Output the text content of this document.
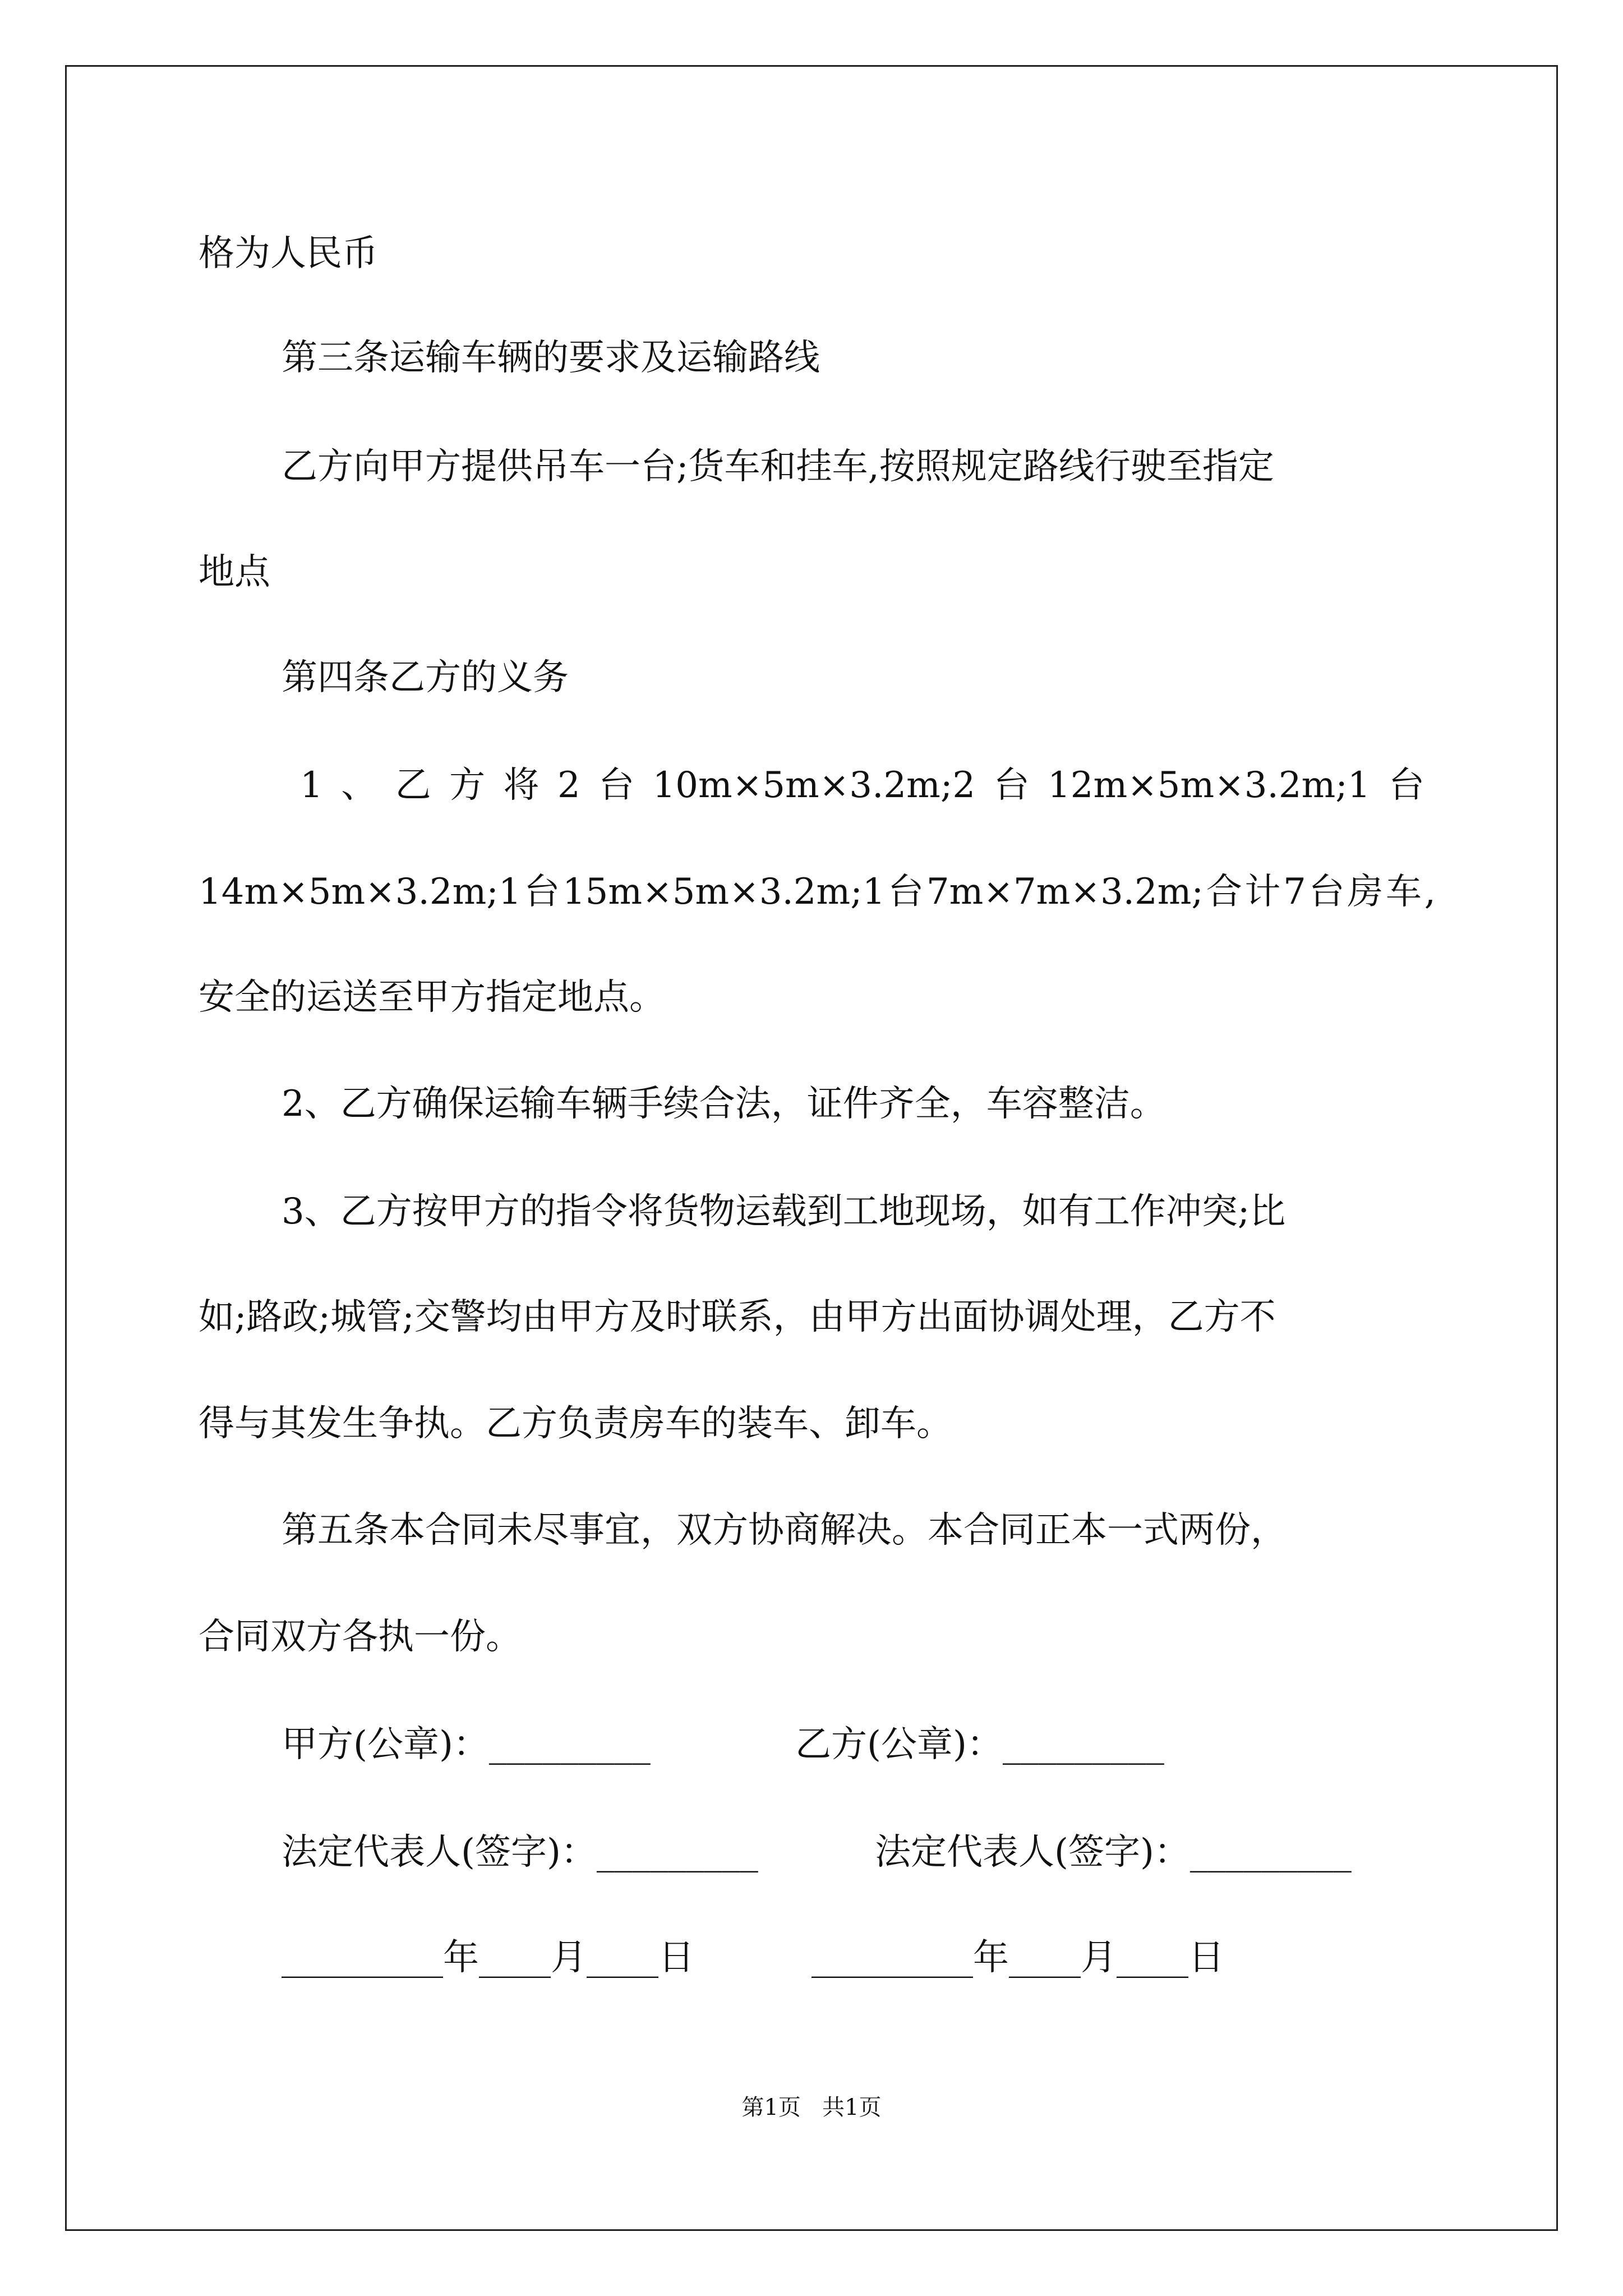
格为人民币
第三条运输车辆的要求及运输路线
乙方向甲方提供吊车一台;货车和挂车,按照规定路线行驶至指定
地点
第四条乙方的义务
1、乙方将2台10m×5m×3.2m;2台12m×5m×3.2m;1台
14m×5m×3.2m;1台15m×5m×3.2m;1台7m×7m×3.2m;合计7台房车,
安全的运送至甲方指定地点。
2、乙方确保运输车辆手续合法，证件齐全，车容整洁。
3、乙方按甲方的指令将货物运载到工地现场，如有工作冲突;比
如;路政;城管;交警均由甲方及时联系，由甲方出面协调处理，乙方不
得与其发生争执。乙方负责房车的装车、卸车。
第五条本合同未尽事宜，双方协商解决。本合同正本一式两份，
合同双方各执一份。
甲方(公章)：_________	乙方(公章)：_________
法定代表人(签字)：_________	法定代表人(签字)：_________
_________年____月____日	_________年____月____日
第1页   共1页
